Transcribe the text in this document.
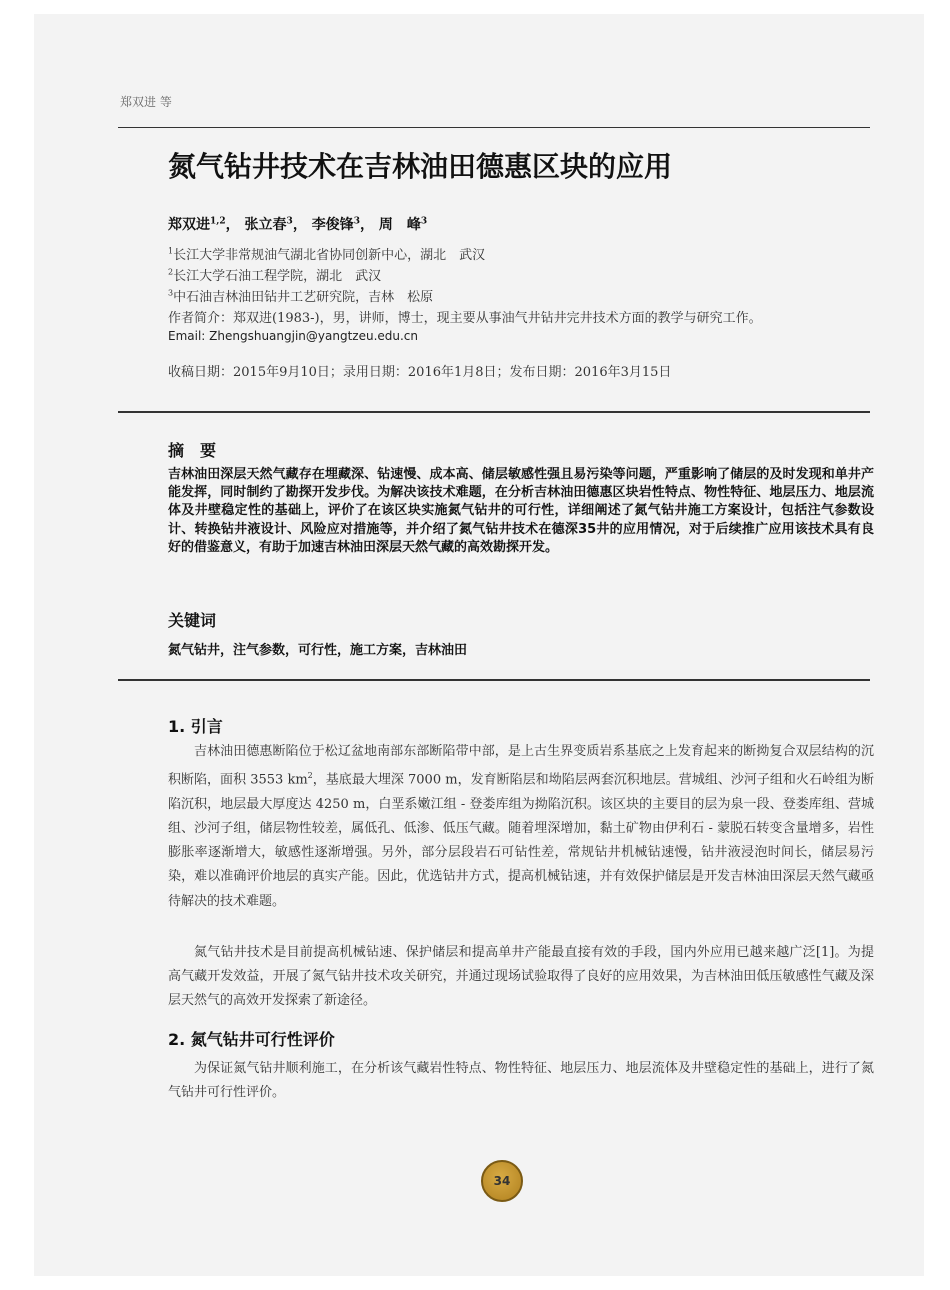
郑双进 等
氮气钻井技术在吉林油田德惠区块的应用
郑双进$^{1,2}$， 张立春$^3$， 李俊锋$^3$， 周　峰$^3$
$^1$长江大学非常规油气湖北省协同创新中心，湖北　武汉
$^2$长江大学石油工程学院，湖北　武汉
$^3$中石油吉林油田钻井工艺研究院，吉林　松原
作者简介：郑双进(1983-)，男，讲师，博士，现主要从事油气井钻井完井技术方面的教学与研究工作。
Email: Zhengshuangjin@yangtzeu.edu.cn
收稿日期：2015年9月10日；录用日期：2016年1月8日；发布日期：2016年3月15日
摘　要
吉林油田深层天然气藏存在埋藏深、钻速慢、成本高、储层敏感性强且易污染等问题，严重影响了储层的及时发现和单井产能发挥，同时制约了勘探开发步伐。为解决该技术难题，在分析吉林油田德惠区块岩性特点、物性特征、地层压力、地层流体及井壁稳定性的基础上，评价了在该区块实施氮气钻井的可行性，详细阐述了氮气钻井施工方案设计，包括注气参数设计、转换钻井液设计、风险应对措施等，并介绍了氮气钻井技术在德深35井的应用情况，对于后续推广应用该技术具有良好的借鉴意义，有助于加速吉林油田深层天然气藏的高效勘探开发。
关键词
氮气钻井，注气参数，可行性，施工方案，吉林油田
1. 引言
吉林油田德惠断陷位于松辽盆地南部东部断陷带中部，是上古生界变质岩系基底之上发育起来的断拗复合双层结构的沉积断陷，面积 3553 $km^2$，基底最大埋深 7000 m，发育断陷层和坳陷层两套沉积地层。营城组、沙河子组和火石岭组为断陷沉积，地层最大厚度达 4250 m，白垩系嫩江组 - 登娄库组为拗陷沉积。该区块的主要目的层为泉一段、登娄库组、营城组、沙河子组，储层物性较差，属低孔、低渗、低压气藏。随着埋深增加，黏土矿物由伊利石 - 蒙脱石转变含量增多，岩性膨胀率逐渐增大，敏感性逐渐增强。另外，部分层段岩石可钻性差，常规钻井机械钻速慢，钻井液浸泡时间长，储层易污染，难以准确评价地层的真实产能。因此，优选钻井方式，提高机械钻速，并有效保护储层是开发吉林油田深层天然气藏亟待解决的技术难题。
氮气钻井技术是目前提高机械钻速、保护储层和提高单井产能最直接有效的手段，国内外应用已越来越广泛[1]。为提高气藏开发效益，开展了氮气钻井技术攻关研究，并通过现场试验取得了良好的应用效果，为吉林油田低压敏感性气藏及深层天然气的高效开发探索了新途径。
2. 氮气钻井可行性评价
为保证氮气钻井顺利施工，在分析该气藏岩性特点、物性特征、地层压力、地层流体及井壁稳定性的基础上，进行了氮气钻井可行性评价。
34
